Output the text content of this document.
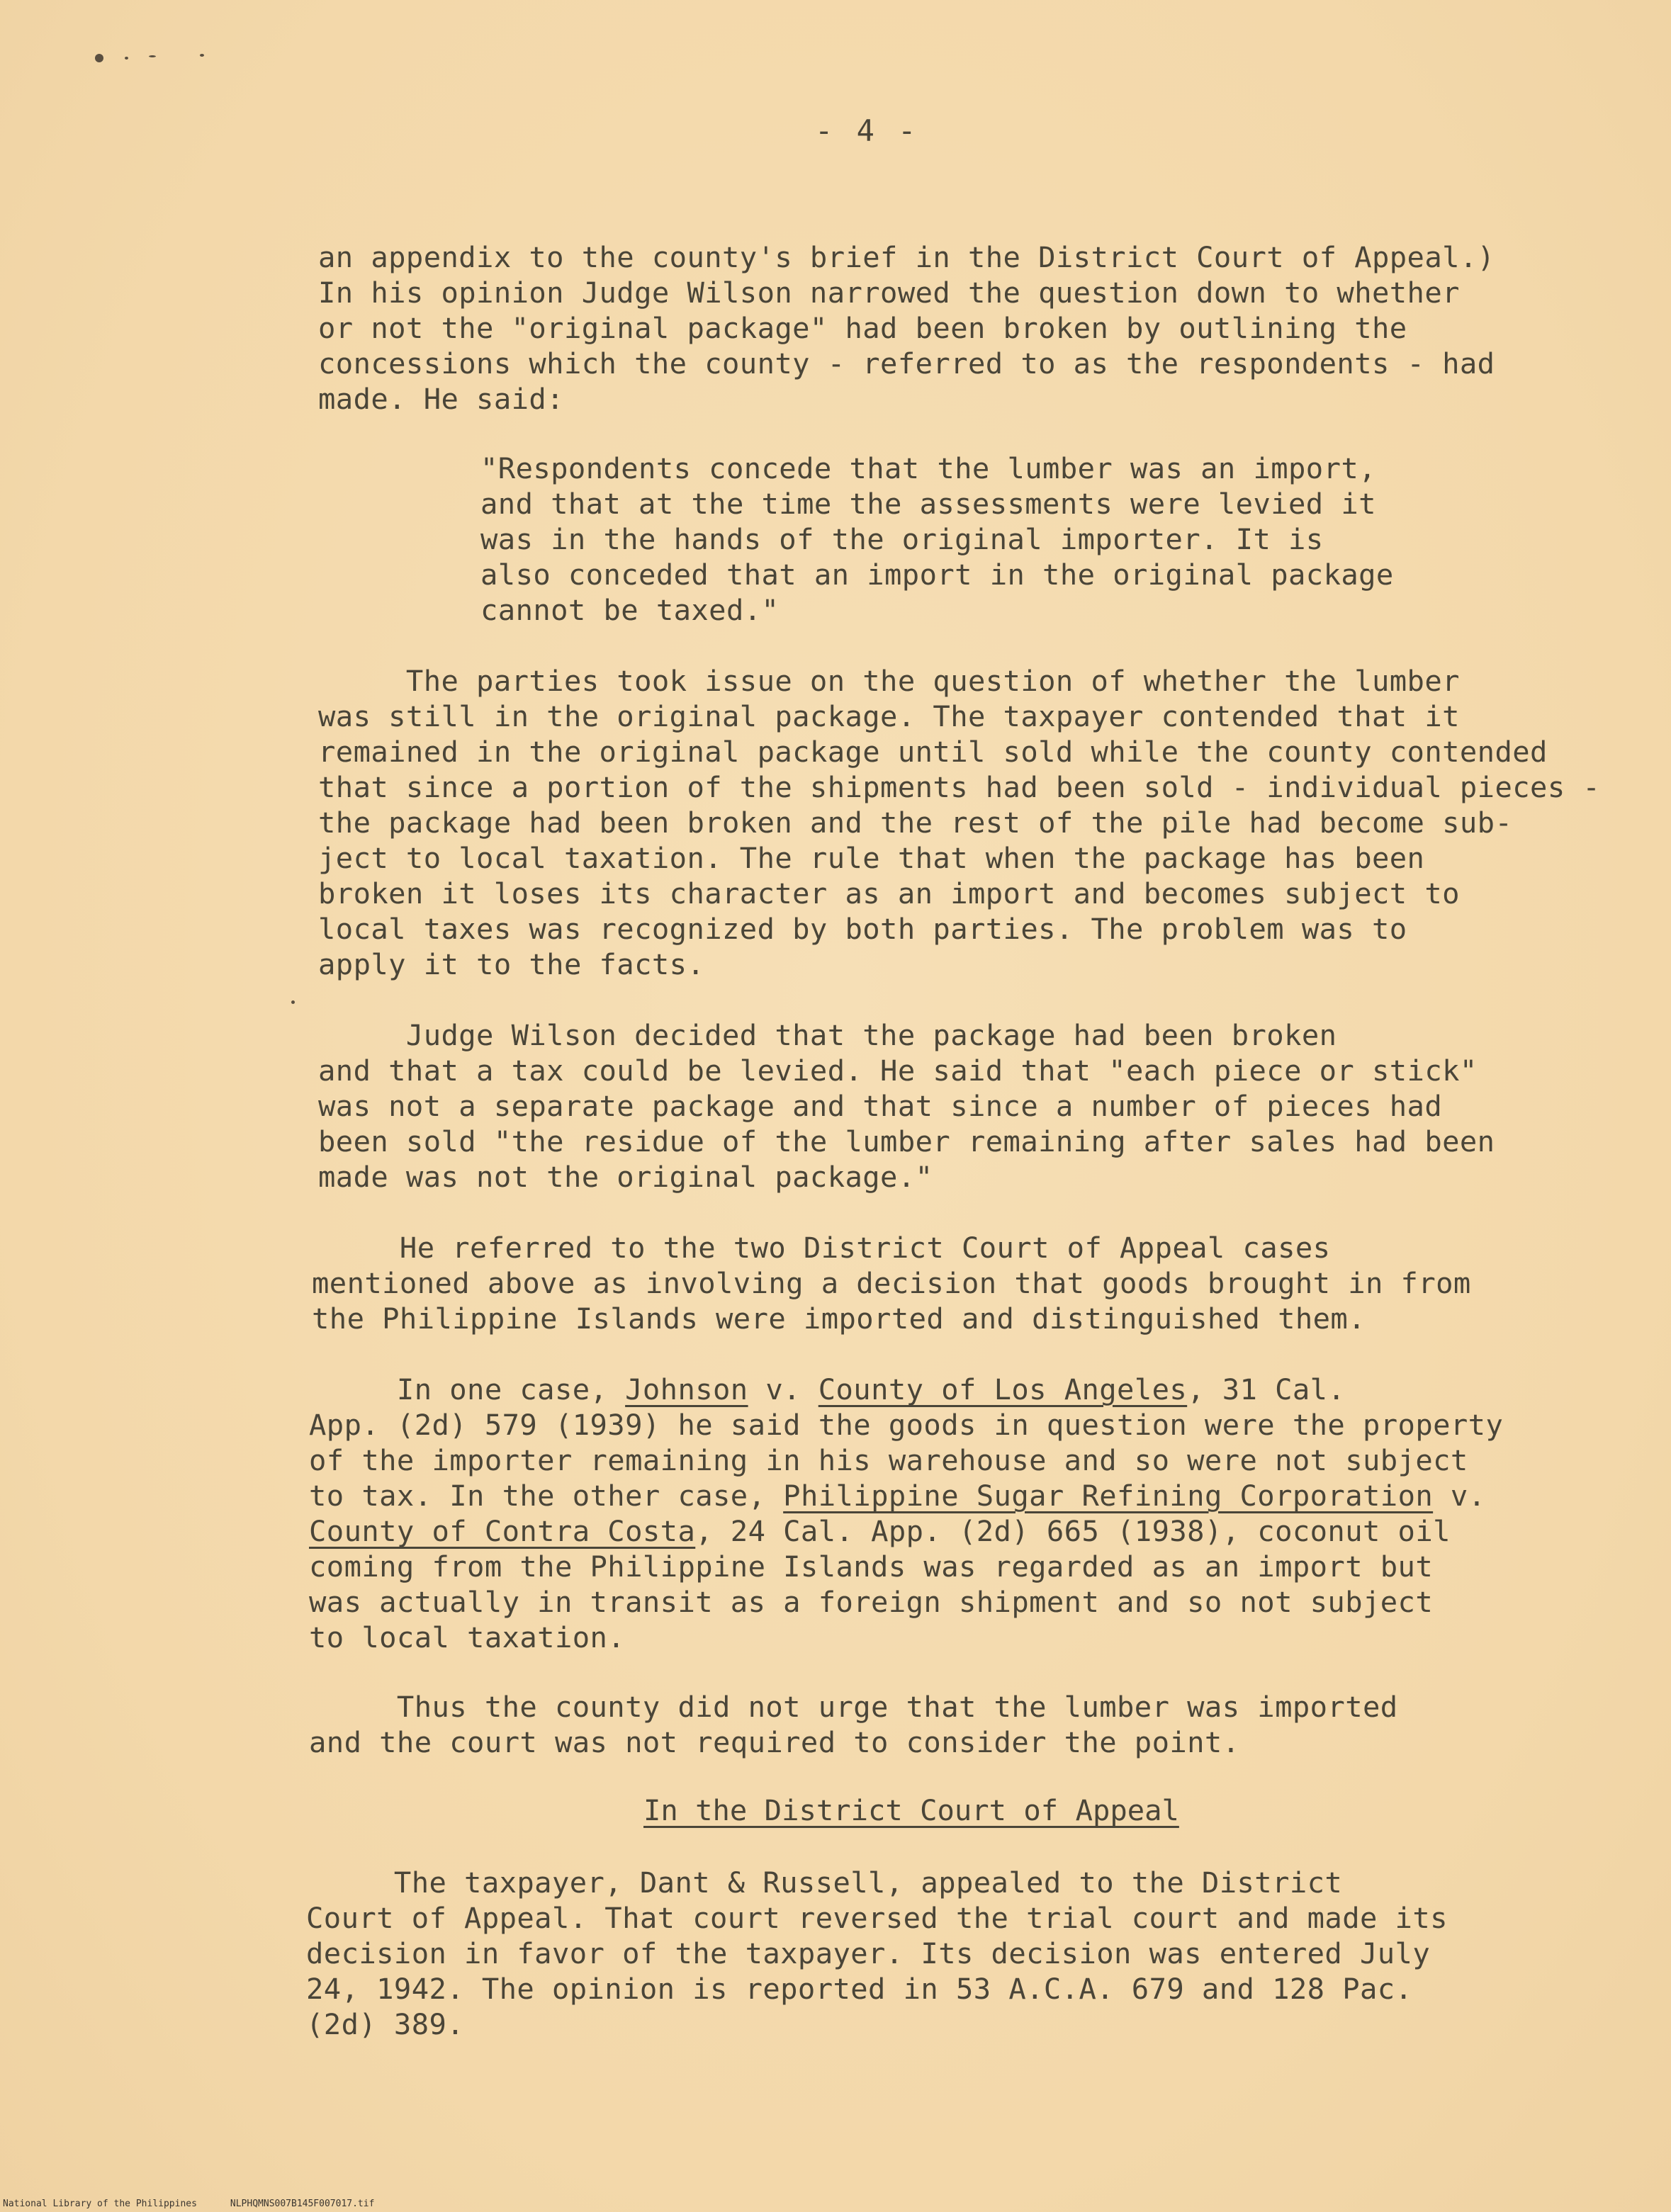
- 4 -
an appendix to the county's brief in the District Court of Appeal.)
In his opinion Judge Wilson narrowed the question down to whether
or not the "original package" had been broken by outlining the
concessions which the county - referred to as the respondents - had
made. He said:
"Respondents concede that the lumber was an import,
and that at the time the assessments were levied it
was in the hands of the original importer. It is
also conceded that an import in the original package
cannot be taxed."
The parties took issue on the question of whether the lumber
was still in the original package. The taxpayer contended that it
remained in the original package until sold while the county contended
that since a portion of the shipments had been sold - individual pieces -
the package had been broken and the rest of the pile had become sub-
ject to local taxation. The rule that when the package has been
broken it loses its character as an import and becomes subject to
local taxes was recognized by both parties. The problem was to
apply it to the facts.
Judge Wilson decided that the package had been broken
and that a tax could be levied. He said that "each piece or stick"
was not a separate package and that since a number of pieces had
been sold "the residue of the lumber remaining after sales had been
made was not the original package."
He referred to the two District Court of Appeal cases
mentioned above as involving a decision that goods brought in from
the Philippine Islands were imported and distinguished them.
In one case, Johnson v. County of Los Angeles, 31 Cal.
App. (2d) 579 (1939) he said the goods in question were the property
of the importer remaining in his warehouse and so were not subject
to tax. In the other case, Philippine Sugar Refining Corporation v.
County of Contra Costa, 24 Cal. App. (2d) 665 (1938), coconut oil
coming from the Philippine Islands was regarded as an import but
was actually in transit as a foreign shipment and so not subject
to local taxation.
Thus the county did not urge that the lumber was imported
and the court was not required to consider the point.
In the District Court of Appeal
The taxpayer, Dant & Russell, appealed to the District
Court of Appeal. That court reversed the trial court and made its
decision in favor of the taxpayer. Its decision was entered July
24, 1942. The opinion is reported in 53 A.C.A. 679 and 128 Pac.
(2d) 389.
National Library of the Philippines	NLPHQMNS007B145F007017.tif
